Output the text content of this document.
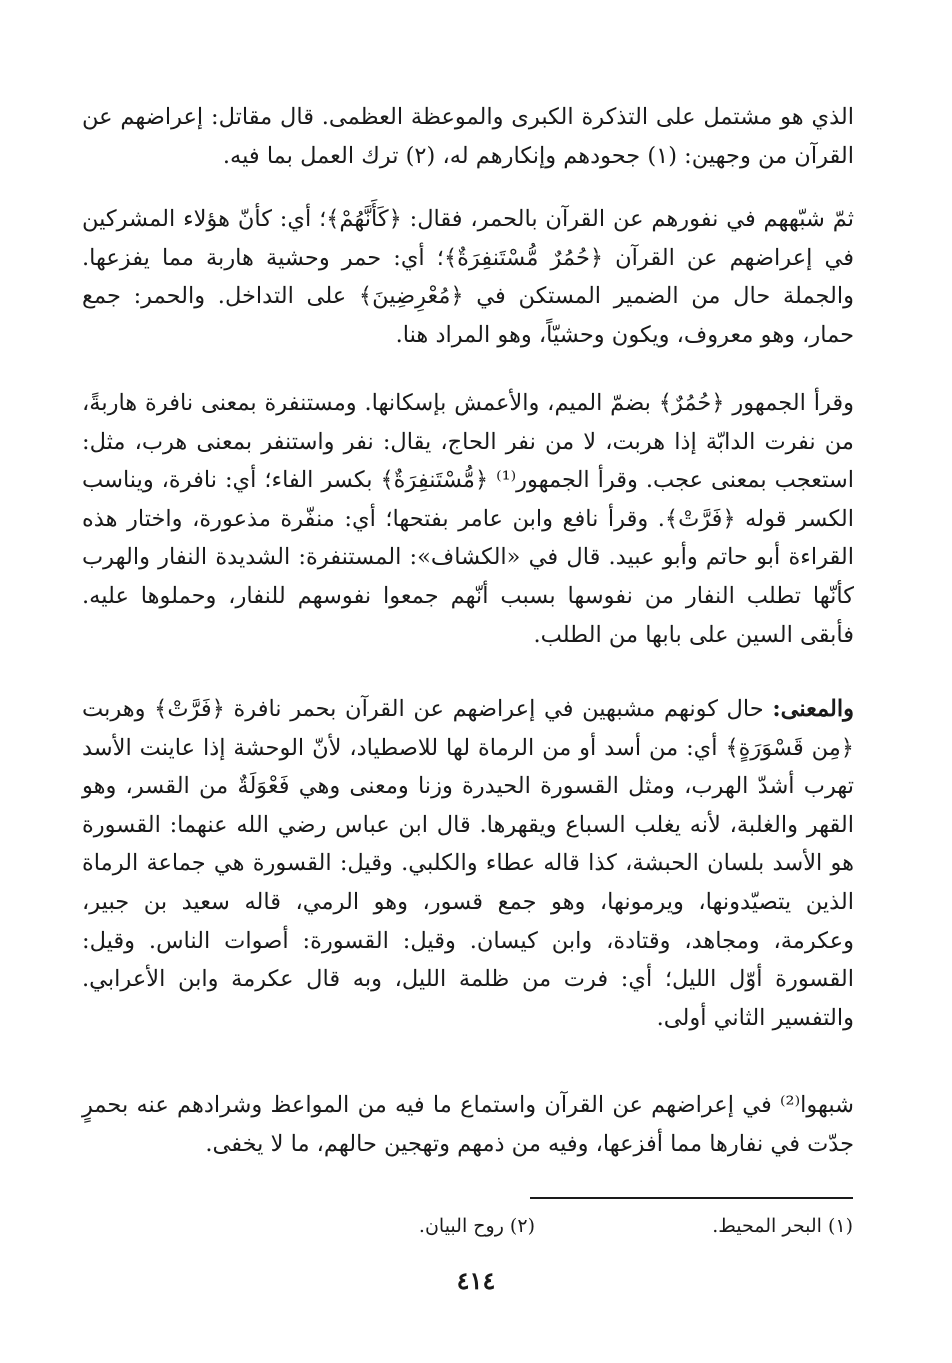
الذي هو مشتمل على التذكرة الكبرى والموعظة العظمى. قال مقاتل: إعراضهم عن القرآن من وجهين: (١) جحودهم وإنكارهم له، (٢) ترك العمل بما فيه.

ثمّ شبّههم في نفورهم عن القرآن بالحمر، فقال: ﴿كَأَنَّهُمْ﴾؛ أي: كأنّ هؤلاء المشركين في إعراضهم عن القرآن ﴿حُمُرٌ مُّسْتَنفِرَةٌ﴾؛ أي: حمر وحشية هاربة مما يفزعها. والجملة حال من الضمير المستكن في ﴿مُعْرِضِينَ﴾ على التداخل. والحمر: جمع حمار، وهو معروف، ويكون وحشيّاً، وهو المراد هنا.

وقرأ الجمهور ﴿حُمُرٌ﴾ بضمّ الميم، والأعمش بإسكانها. ومستنفرة بمعنى نافرة هاربةً، من نفرت الدابّة إذا هربت، لا من نفر الحاج، يقال: نفر واستنفر بمعنى هرب، مثل: استعجب بمعنى عجب. وقرأ الجمهور⁽¹⁾ ﴿مُّسْتَنفِرَةٌ﴾ بكسر الفاء؛ أي: نافرة، ويناسب الكسر قوله ﴿فَرَّتْ﴾. وقرأ نافع وابن عامر بفتحها؛ أي: منفّرة مذعورة، واختار هذه القراءة أبو حاتم وأبو عبيد. قال في «الكشاف»: المستنفرة: الشديدة النفار والهرب كأنّها تطلب النفار من نفوسها بسبب أنّهم جمعوا نفوسهم للنفار، وحملوها عليه. فأبقى السين على بابها من الطلب.

والمعنى: حال كونهم مشبهين في إعراضهم عن القرآن بحمر نافرة ﴿فَرَّتْ﴾ وهربت ﴿مِن قَسْوَرَةٍ﴾ أي: من أسد أو من الرماة لها للاصطياد، لأنّ الوحشة إذا عاينت الأسد تهرب أشدّ الهرب، ومثل القسورة الحيدرة وزنا ومعنى وهي فَعْوَلَةٌ من القسر، وهو القهر والغلبة، لأنه يغلب السباع ويقهرها. قال ابن عباس رضي الله عنهما: القسورة هو الأسد بلسان الحبشة، كذا قاله عطاء والكلبي. وقيل: القسورة هي جماعة الرماة الذين يتصيّدونها، ويرمونها، وهو جمع قسور، وهو الرمي، قاله سعيد بن جبير، وعكرمة، ومجاهد، وقتادة، وابن كيسان. وقيل: القسورة: أصوات الناس. وقيل: القسورة أوّل الليل؛ أي: فرت من ظلمة الليل، وبه قال عكرمة وابن الأعرابي. والتفسير الثاني أولى.

شبهوا⁽²⁾ في إعراضهم عن القرآن واستماع ما فيه من المواعظ وشرادهم عنه بحمرٍ جدّت في نفارها مما أفزعها، وفيه من ذمهم وتهجين حالهم، ما لا يخفى.

(١) البحر المحيط.
(٢) روح البيان.
٤١٤
